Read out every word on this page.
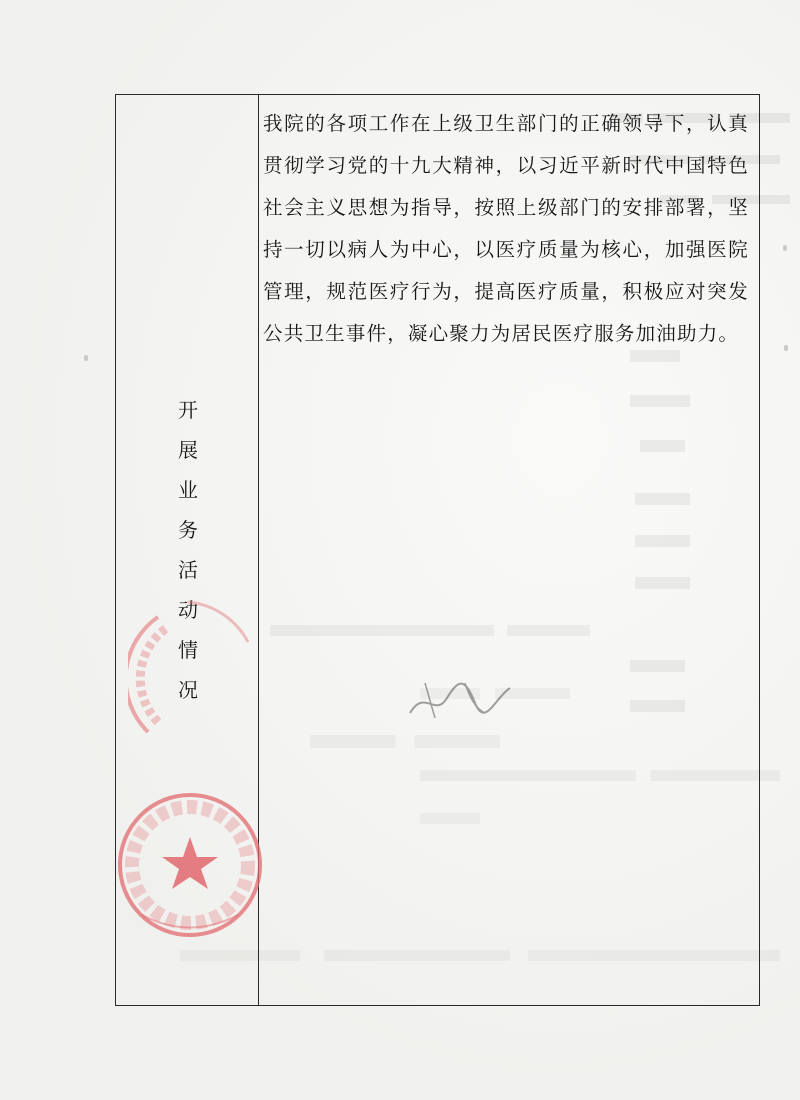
开
展
业
务
活
动
情
况
我院的各项工作在上级卫生部门的正确领导下，认真贯彻学习党的十九大精神，以习近平新时代中国特色社会主义思想为指导，按照上级部门的安排部署，坚持一切以病人为中心，以医疗质量为核心，加强医院管理，规范医疗行为，提高医疗质量，积极应对突发公共卫生事件，凝心聚力为居民医疗服务加油助力。
